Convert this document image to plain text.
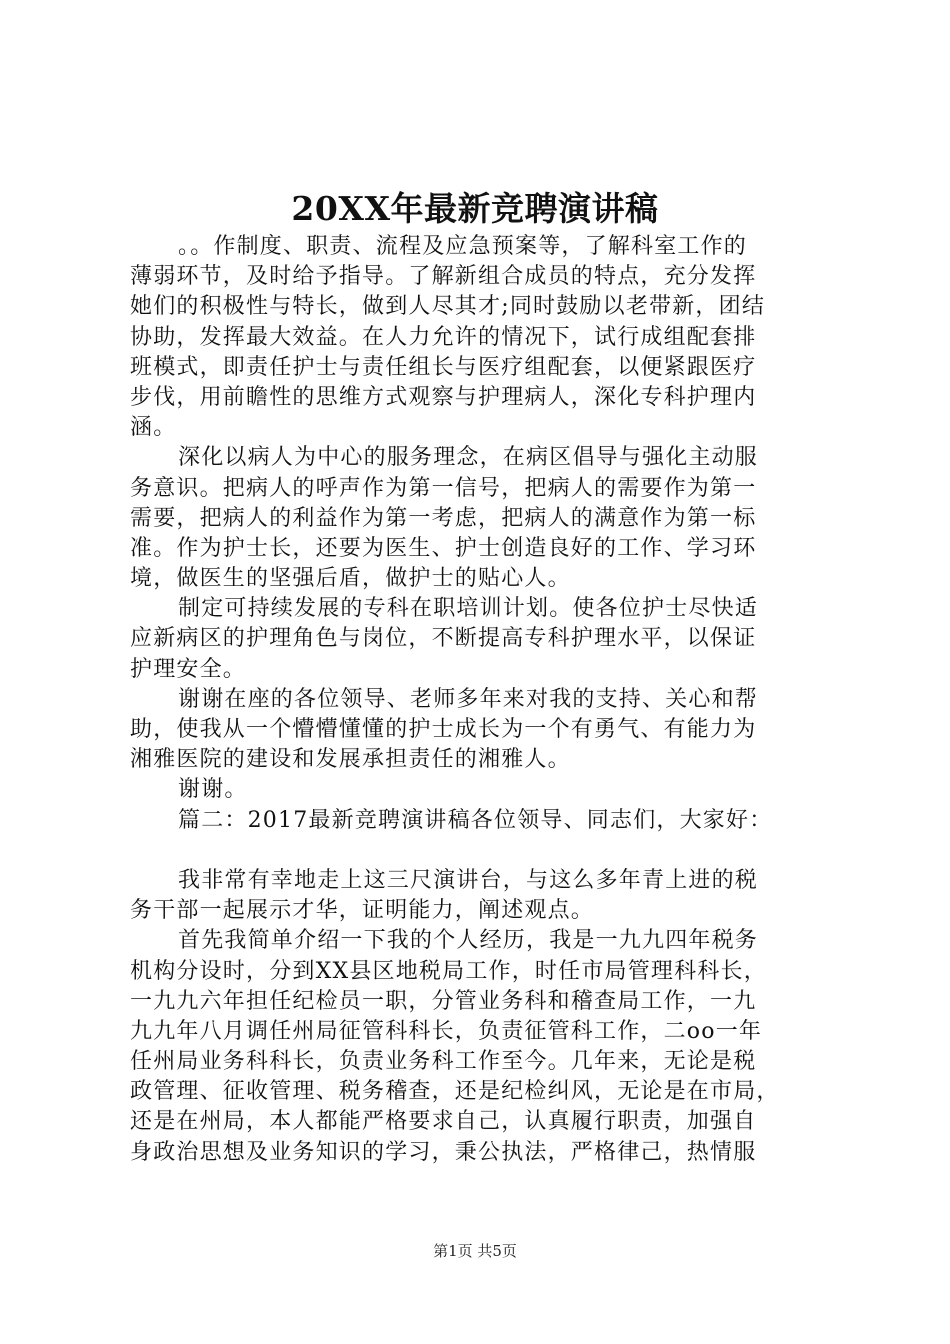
20XX年最新竞聘演讲稿
。。作制度、职责、流程及应急预案等，了解科室工作的
薄弱环节，及时给予指导。了解新组合成员的特点，充分发挥
她们的积极性与特长，做到人尽其才;同时鼓励以老带新，团结
协助，发挥最大效益。在人力允许的情况下，试行成组配套排
班模式，即责任护士与责任组长与医疗组配套，以便紧跟医疗
步伐，用前瞻性的思维方式观察与护理病人，深化专科护理内
涵。
深化以病人为中心的服务理念，在病区倡导与强化主动服
务意识。把病人的呼声作为第一信号，把病人的需要作为第一
需要，把病人的利益作为第一考虑，把病人的满意作为第一标
准。作为护士长，还要为医生、护士创造良好的工作、学习环
境，做医生的坚强后盾，做护士的贴心人。
制定可持续发展的专科在职培训计划。使各位护士尽快适
应新病区的护理角色与岗位，不断提高专科护理水平，以保证
护理安全。
谢谢在座的各位领导、老师多年来对我的支持、关心和帮
助，使我从一个懵懵懂懂的护士成长为一个有勇气、有能力为
湘雅医院的建设和发展承担责任的湘雅人。
谢谢。
篇二：2017最新竞聘演讲稿各位领导、同志们，大家好：
我非常有幸地走上这三尺演讲台，与这么多年青上进的税
务干部一起展示才华，证明能力，阐述观点。
首先我简单介绍一下我的个人经历，我是一九九四年税务
机构分设时，分到XX县区地税局工作，时任市局管理科科长，
一九九六年担任纪检员一职，分管业务科和稽查局工作，一九
九九年八月调任州局征管科科长，负责征管科工作，二oo一年
任州局业务科科长，负责业务科工作至今。几年来，无论是税
政管理、征收管理、税务稽查，还是纪检纠风，无论是在市局，
还是在州局，本人都能严格要求自己，认真履行职责，加强自
身政治思想及业务知识的学习，秉公执法，严格律己，热情服
第1页 共5页
